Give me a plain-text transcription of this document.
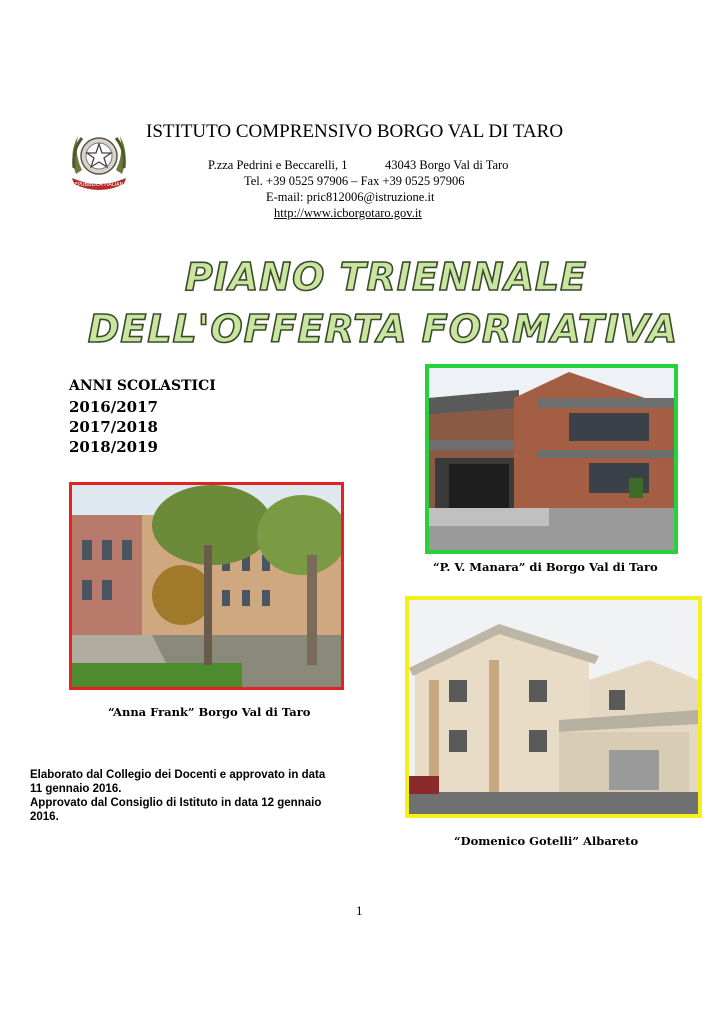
REPUBBLICA ITALIANA
ISTITUTO COMPRENSIVO BORGO VAL DI TARO
P.zza Pedrini e Beccarelli, 1	43043 Borgo Val di Taro
Tel. +39 0525 97906 – Fax +39 0525 97906
E-mail: pric812006@istruzione.it
http://www.icborgotaro.gov.it
PIANO TRIENNALE
DELL'OFFERTA FORMATIVA
ANNI SCOLASTICI
2016/2017
2017/2018
2018/2019
“P. V. Manara” di Borgo Val di Taro
“Anna Frank” Borgo Val di Taro
“Domenico Gotelli” Albareto
Elaborato dal Collegio dei Docenti e approvato in data
11 gennaio 2016.
Approvato dal Consiglio di Istituto in data 12 gennaio
2016.
1
